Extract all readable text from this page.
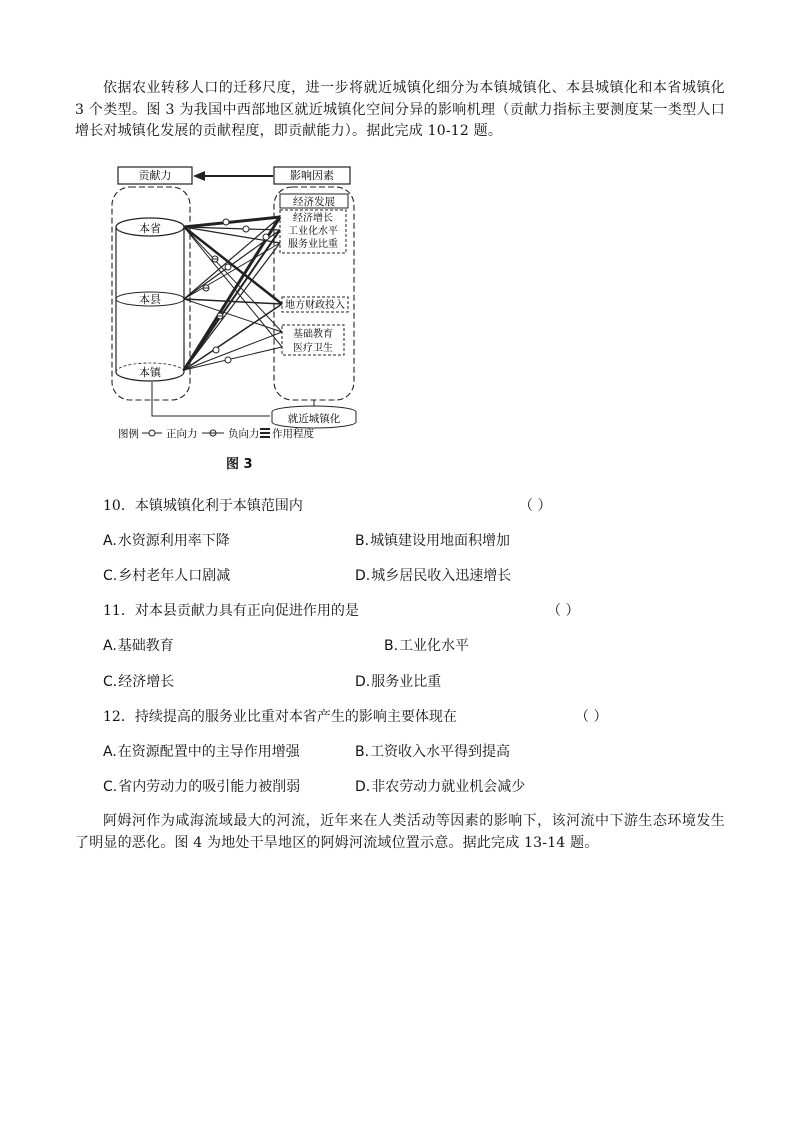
依据农业转移人口的迁移尺度，进一步将就近城镇化细分为本镇城镇化、本县城镇化和本省城镇化 3 个类型。图 3 为我国中西部地区就近城镇化空间分异的影响机理（贡献力指标主要测度某一类型人口增长对城镇化发展的贡献程度，即贡献能力）。据此完成 10-12 题。
贡献力	影响因素
本省
本县
本镇
经济发展
经济增长
工业化水平
服务业比重
地方财政投入
基础教育
医疗卫生
就近城镇化
图例	正向力	负向力 作用程度
图 3
10．本镇城镇化利于本镇范围内	（ ）
A.水资源利用率下降	B.城镇建设用地面积增加
C.乡村老年人口剧减	D.城乡居民收入迅速增长
11．对本县贡献力具有正向促进作用的是	（ ）
A.基础教育	B.工业化水平
C.经济增长	D.服务业比重
12．持续提高的服务业比重对本省产生的影响主要体现在	（ ）
A.在资源配置中的主导作用增强	B.工资收入水平得到提高
C.省内劳动力的吸引能力被削弱	D.非农劳动力就业机会减少
阿姆河作为咸海流域最大的河流，近年来在人类活动等因素的影响下，该河流中下游生态环境发生了明显的恶化。图 4 为地处干旱地区的阿姆河流域位置示意。据此完成 13-14 题。
